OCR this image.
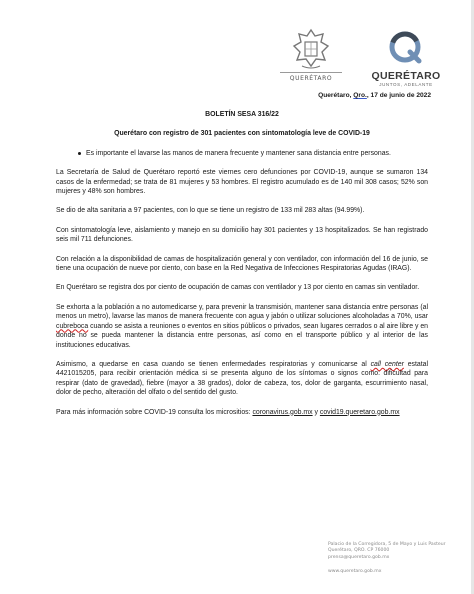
QUERÉTARO	QUERÉTARO
JUNTOS, ADELANTE
Querétaro, Qro., 17 de junio de 2022
BOLETÍN SESA 316/22
Querétaro con registro de 301 pacientes con sintomatología leve de COVID-19
Es importante el lavarse las manos de manera frecuente y mantener sana distancia entre personas.

La Secretaría de Salud de Querétaro reportó este viernes cero defunciones por COVID-19, aunque se sumaron 134 casos de la enfermedad; se trata de 81 mujeres y 53 hombres. El registro acumulado es de 140 mil 308 casos; 52% son mujeres y 48% son hombres.

Se dio de alta sanitaria a 97 pacientes, con lo que se tiene un registro de 133 mil 283 altas (94.99%).

Con sintomatología leve, aislamiento y manejo en su domicilio hay 301 pacientes y 13 hospitalizados. Se han registrado seis mil 711 defunciones.

Con relación a la disponibilidad de camas de hospitalización general y con ventilador, con información del 16 de junio, se tiene una ocupación de nueve por ciento, con base en la Red Negativa de Infecciones Respiratorias Agudas (IRAG).

En Querétaro se registra dos por ciento de ocupación de camas con ventilador y 13 por ciento en camas sin ventilador.

Se exhorta a la población a no automedicarse y, para prevenir la transmisión, mantener sana distancia entre personas (al menos un metro), lavarse las manos de manera frecuente con agua y jabón o utilizar soluciones alcoholadas a 70%, usar cubreboca cuando se asista a reuniones o eventos en sitios públicos o privados, sean lugares cerrados o al aire libre y en donde no se pueda mantener la distancia entre personas, así como en el transporte público y al interior de las instituciones educativas.

Asimismo, a quedarse en casa cuando se tienen enfermedades respiratorias y comunicarse al call center estatal 4421015205, para recibir orientación médica si se presenta alguno de los síntomas o signos como: dificultad para respirar (dato de gravedad), fiebre (mayor a 38 grados), dolor de cabeza, tos, dolor de garganta, escurrimiento nasal, dolor de pecho, alteración del olfato o del sentido del gusto.

Para más información sobre COVID-19 consulta los micrositios: coronavirus.gob.mx y covid19.queretaro.gob.mx

Palacio de la Corregidora, 5 de Mayo y Luis Pasteur
Querétaro, QRO. CP 76000
prensa@queretaro.gob.mx
www.queretaro.gob.mx
